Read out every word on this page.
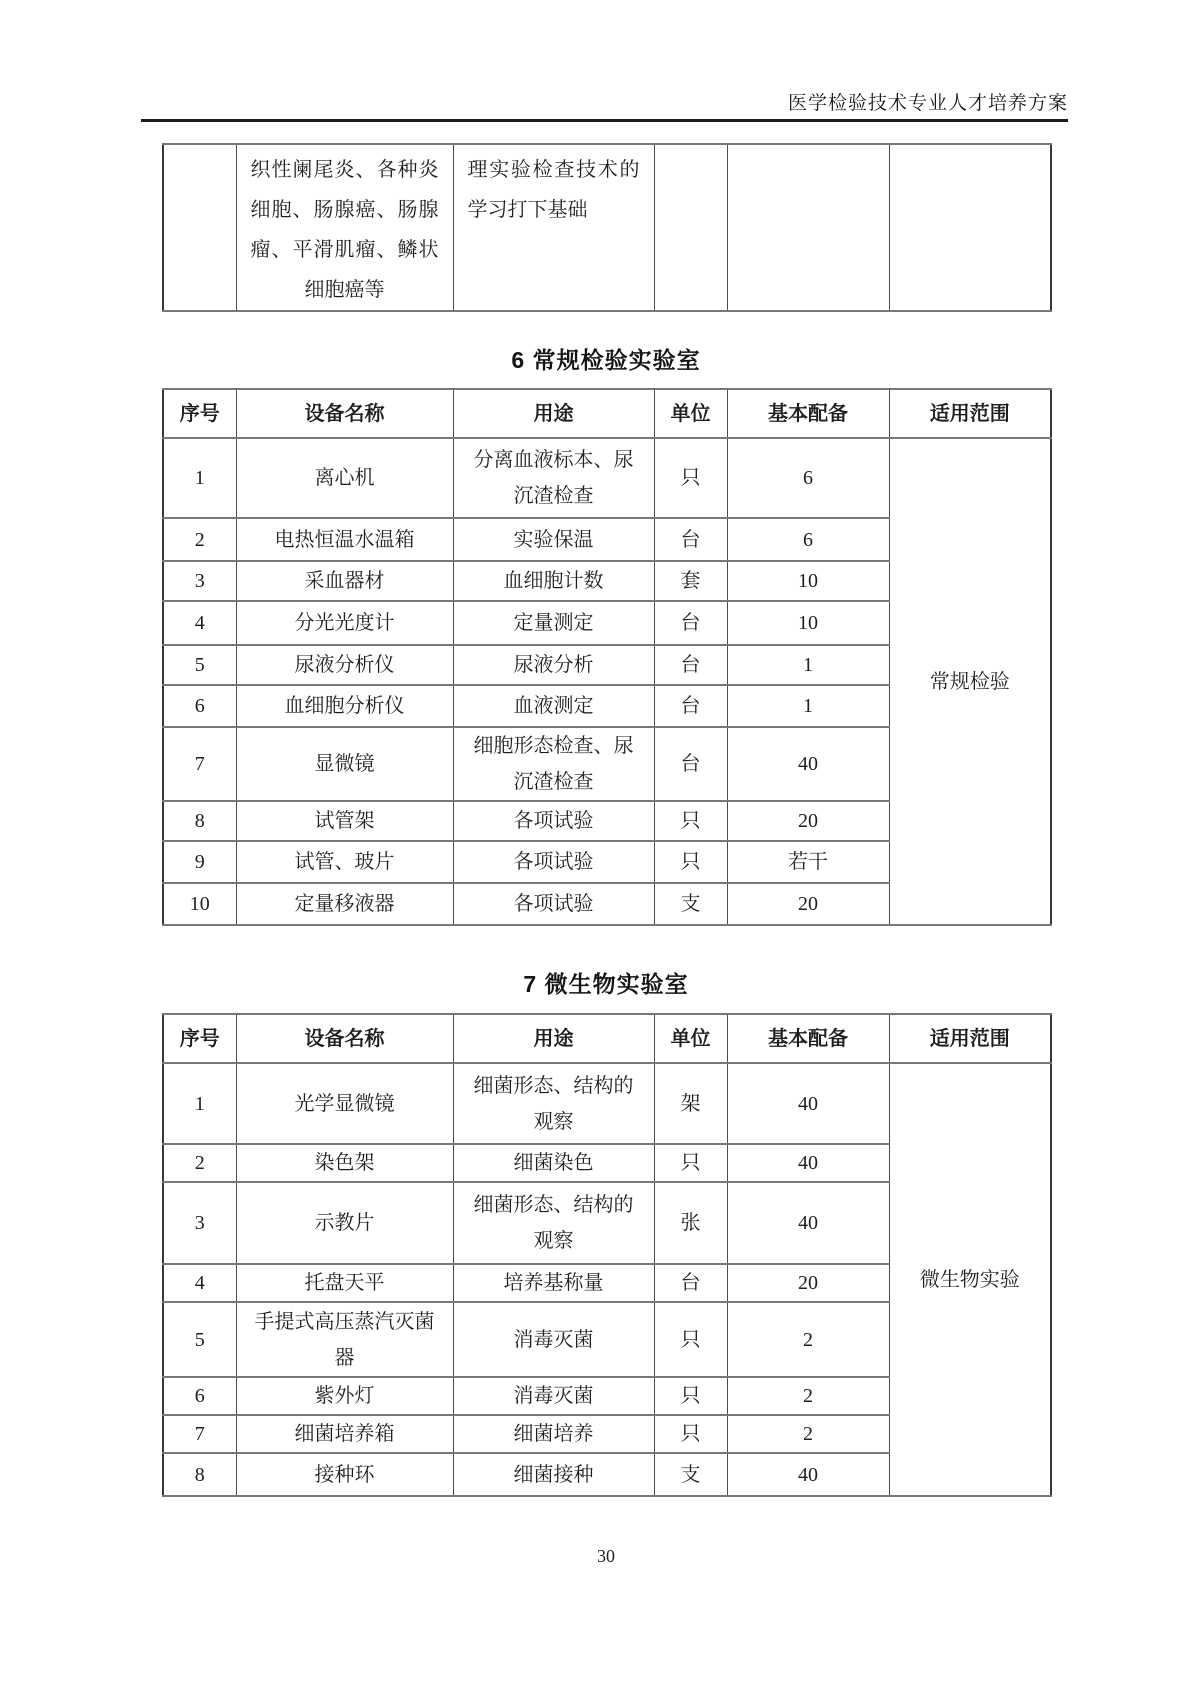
医学检验技术专业人才培养方案
	织性阑尾炎、各种炎细胞、肠腺癌、肠腺瘤、平滑肌瘤、鳞状细胞癌等	理实验检查技术的学习打下基础			
6 常规检验实验室
序号	设备名称	用途	单位	基本配备	适用范围
1	离心机	分离血液标本、尿沉渣检查	只	6	常规检验
2	电热恒温水温箱	实验保温	台	6	
3	采血器材	血细胞计数	套	10	
4	分光光度计	定量测定	台	10	
5	尿液分析仪	尿液分析	台	1	
6	血细胞分析仪	血液测定	台	1	
7	显微镜	细胞形态检查、尿沉渣检查	台	40	
8	试管架	各项试验	只	20	
9	试管、玻片	各项试验	只	若干	
10	定量移液器	各项试验	支	20	
7 微生物实验室
序号	设备名称	用途	单位	基本配备	适用范围
1	光学显微镜	细菌形态、结构的观察	架	40	微生物实验
2	染色架	细菌染色	只	40	
3	示教片	细菌形态、结构的观察	张	40	
4	托盘天平	培养基称量	台	20	
5	手提式高压蒸汽灭菌器	消毒灭菌	只	2	
6	紫外灯	消毒灭菌	只	2	
7	细菌培养箱	细菌培养	只	2	
8	接种环	细菌接种	支	40	
30
